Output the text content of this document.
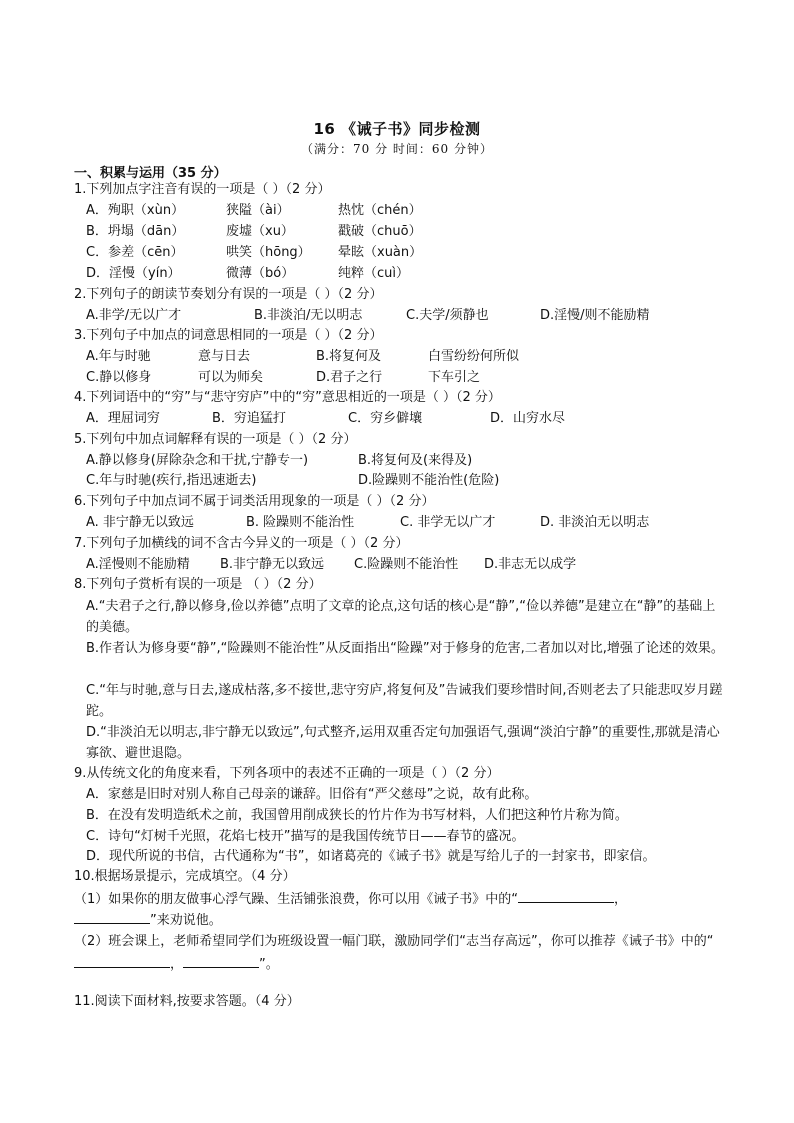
16 《诫子书》同步检测
（满分：70 分 时间：60 分钟）
一、积累与运用（35 分）
1.下列加点字注音有误的一项是（ ）（2 分）
A．殉职（xùn）	狭隘（ài）	热忱（chén）
B．坍塌（dān）	废墟（xu）	戳破（chuō）
C．参差（cēn）	哄笑（hōng） 晕眩（xuàn）
D．淫慢（yín）	微薄（bó）	纯粹（cuì）
2.下列句子的朗读节奏划分有误的一项是（ ）（2 分）
A.非学/无以广才	B.非淡泊/无以明志	C.夫学/须静也	D.淫慢/则不能励精
3.下列句子中加点的词意思相同的一项是（ ）（2 分）
A.年与时驰	意与日去	B.将复何及	白雪纷纷何所似
C.静以修身	可以为师矣	D.君子之行	下车引之
4.下列词语中的“穷”与“悲守穷庐”中的“穷”意思相近的一项是（ ）（2 分）
A．理屈词穷	B．穷追猛打	C．穷乡僻壤	D．山穷水尽
5.下列句中加点词解释有误的一项是（ ）（2 分）
A.静以修身(屏除杂念和干扰,宁静专一)	B.将复何及(来得及)
C.年与时驰(疾行,指迅速逝去)	D.险躁则不能治性(危险)
6.下列句子中加点词不属于词类活用现象的一项是（ ）（2 分）
A. 非宁静无以致远	B. 险躁则不能治性	C. 非学无以广才	D. 非淡泊无以明志
7.下列句子加横线的词不含古今异义的一项是（ ）（2 分）
A.淫慢则不能励精 B.非宁静无以致远 C.险躁则不能治性 D.非志无以成学
8.下列句子赏析有误的一项是 （ ）（2 分）
A.“夫君子之行,静以修身,俭以养德”点明了文章的论点,这句话的核心是“静”,“俭以养德”是建立在“静”的基础上的美德。
B.作者认为修身要“静”,“险躁则不能治性”从反面指出“险躁”对于修身的危害,二者加以对比,增强了论述的效果。
C.“年与时驰,意与日去,遂成枯落,多不接世,悲守穷庐,将复何及”告诫我们要珍惜时间,否则老去了只能悲叹岁月蹉跎。
D.“非淡泊无以明志,非宁静无以致远”,句式整齐,运用双重否定句加强语气,强调“淡泊宁静”的重要性,那就是清心寡欲、避世退隐。
9.从传统文化的角度来看，下列各项中的表述不正确的一项是（ ）（2 分）
A．家慈是旧时对别人称自己母亲的谦辞。旧俗有“严父慈母”之说，故有此称。
B．在没有发明造纸术之前，我国曾用削成狭长的竹片作为书写材料，人们把这种竹片称为简。
C．诗句“灯树千光照，花焰七枝开”描写的是我国传统节日——春节的盛况。
D．现代所说的书信，古代通称为“书”，如诸葛亮的《诫子书》就是写给儿子的一封家书，即家信。
10.根据场景提示，完成填空。（4 分）
（1）如果你的朋友做事心浮气躁、生活铺张浪费，你可以用《诫子书》中的“	，
”来劝说他。
（2）班会课上，老师希望同学们为班级设置一幅门联，激励同学们“志当存高远”，你可以推荐《诫子书》中的“
，	”。
11.阅读下面材料,按要求答题。（4 分）
